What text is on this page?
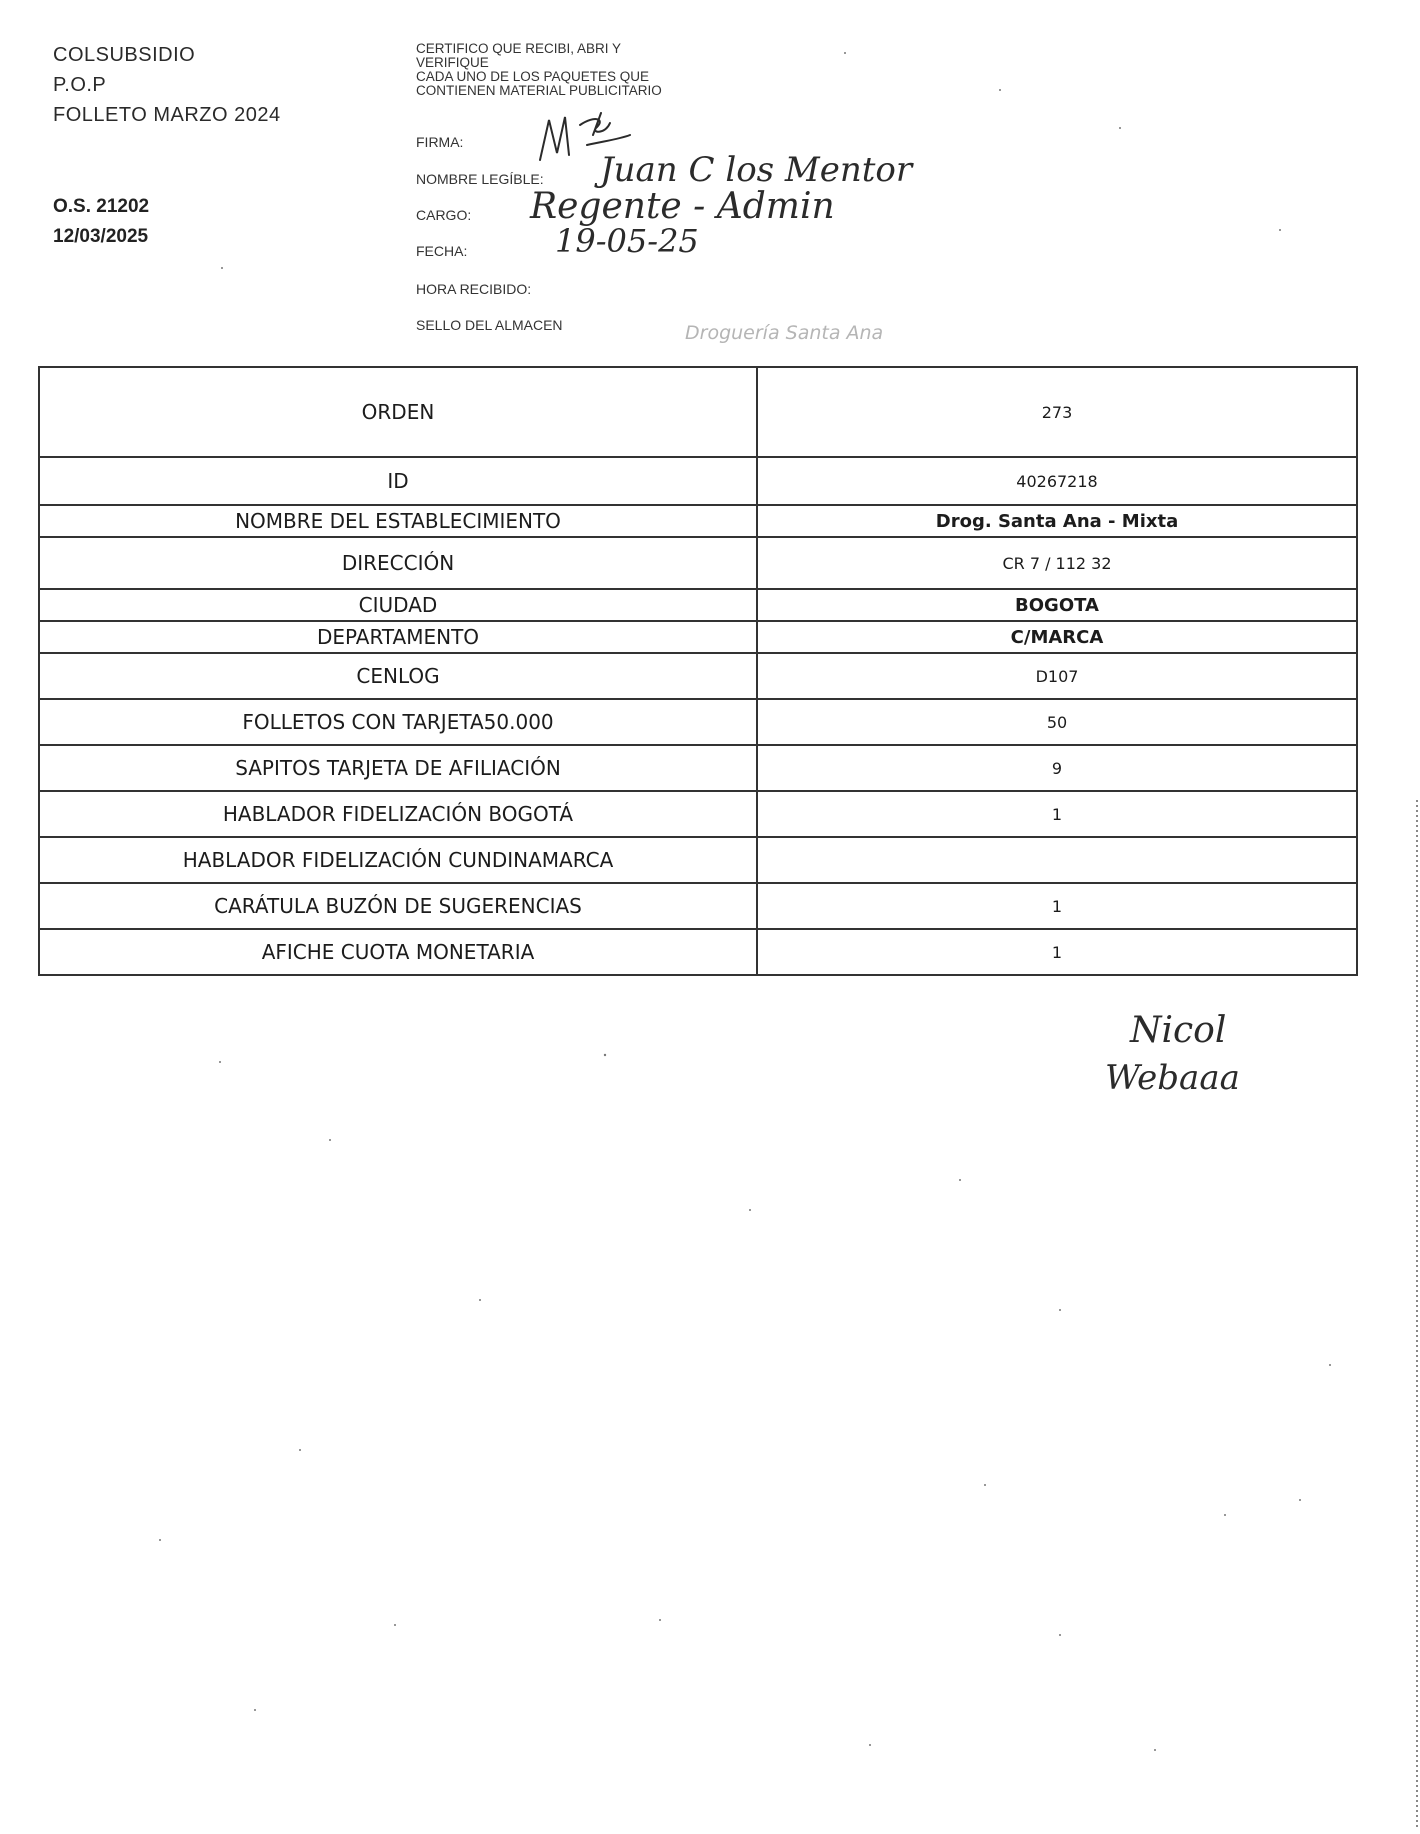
COLSUBSIDIO
P.O.P
FOLLETO MARZO 2024
O.S. 21202
12/03/2025
CERTIFICO QUE RECIBI, ABRI Y
VERIFIQUE
CADA UNO DE LOS PAQUETES QUE
CONTIENEN MATERIAL PUBLICITARIO
FIRMA:
NOMBRE LEGÍBLE:
CARGO:
FECHA:
HORA RECIBIDO:
SELLO DEL ALMACEN
Juan C los Mentor
Regente - Admin
19-05-25
Droguería Santa Ana
ORDEN	273
ID	40267218
NOMBRE DEL ESTABLECIMIENTO	Drog. Santa Ana - Mixta
DIRECCIÓN	CR 7 / 112 32
CIUDAD	BOGOTA
DEPARTAMENTO	C/MARCA
CENLOG	D107
FOLLETOS CON TARJETA50.000	50
SAPITOS TARJETA DE AFILIACIÓN	9
HABLADOR FIDELIZACIÓN BOGOTÁ	1
HABLADOR FIDELIZACIÓN CUNDINAMARCA	
CARÁTULA BUZÓN DE SUGERENCIAS	1
AFICHE CUOTA MONETARIA	1
Nicol
Webaaa
